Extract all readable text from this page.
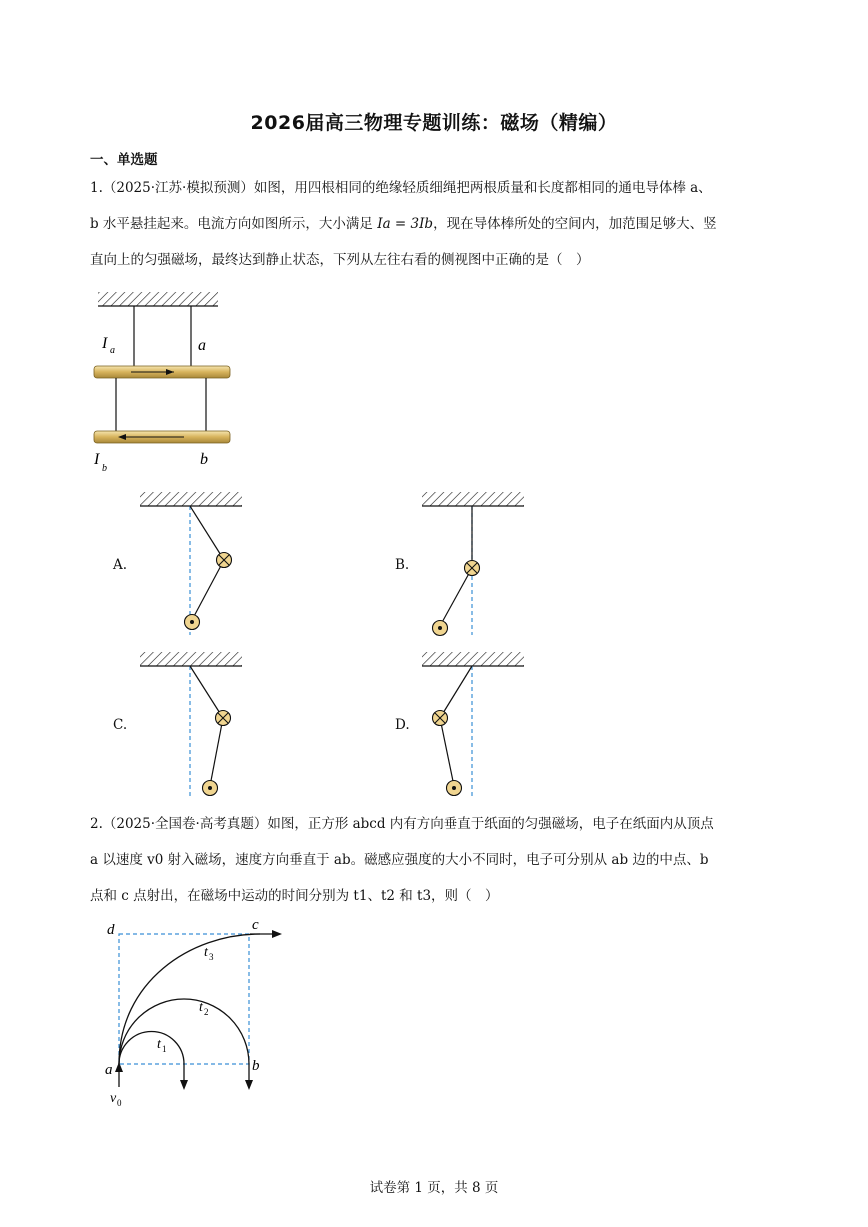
2026届高三物理专题训练：磁场（精编）
一、单选题
1.（2025·江苏·模拟预测）如图，用四根相同的绝缘轻质细绳把两根质量和长度都相同的通电导体棒 a、
b 水平悬挂起来。电流方向如图所示，大小满足 Ia = 3Ib，现在导体棒所处的空间内，加范围足够大、竖
直向上的匀强磁场，最终达到静止状态，下列从左往右看的侧视图中正确的是（　）
I a	a
I
b
b
A.	B.
C.	D.
2.（2025·全国卷·高考真题）如图，正方形 abcd 内有方向垂直于纸面的匀强磁场，电子在纸面内从顶点
a 以速度 v0 射入磁场，速度方向垂直于 ab。磁感应强度的大小不同时，电子可分别从 ab 边的中点、b
点和 c 点射出，在磁场中运动的时间分别为 t1、t2 和 t3，则（　）
d	c
a	b
t 3
t 2
t 1
v 0
试卷第 1 页，共 8 页
